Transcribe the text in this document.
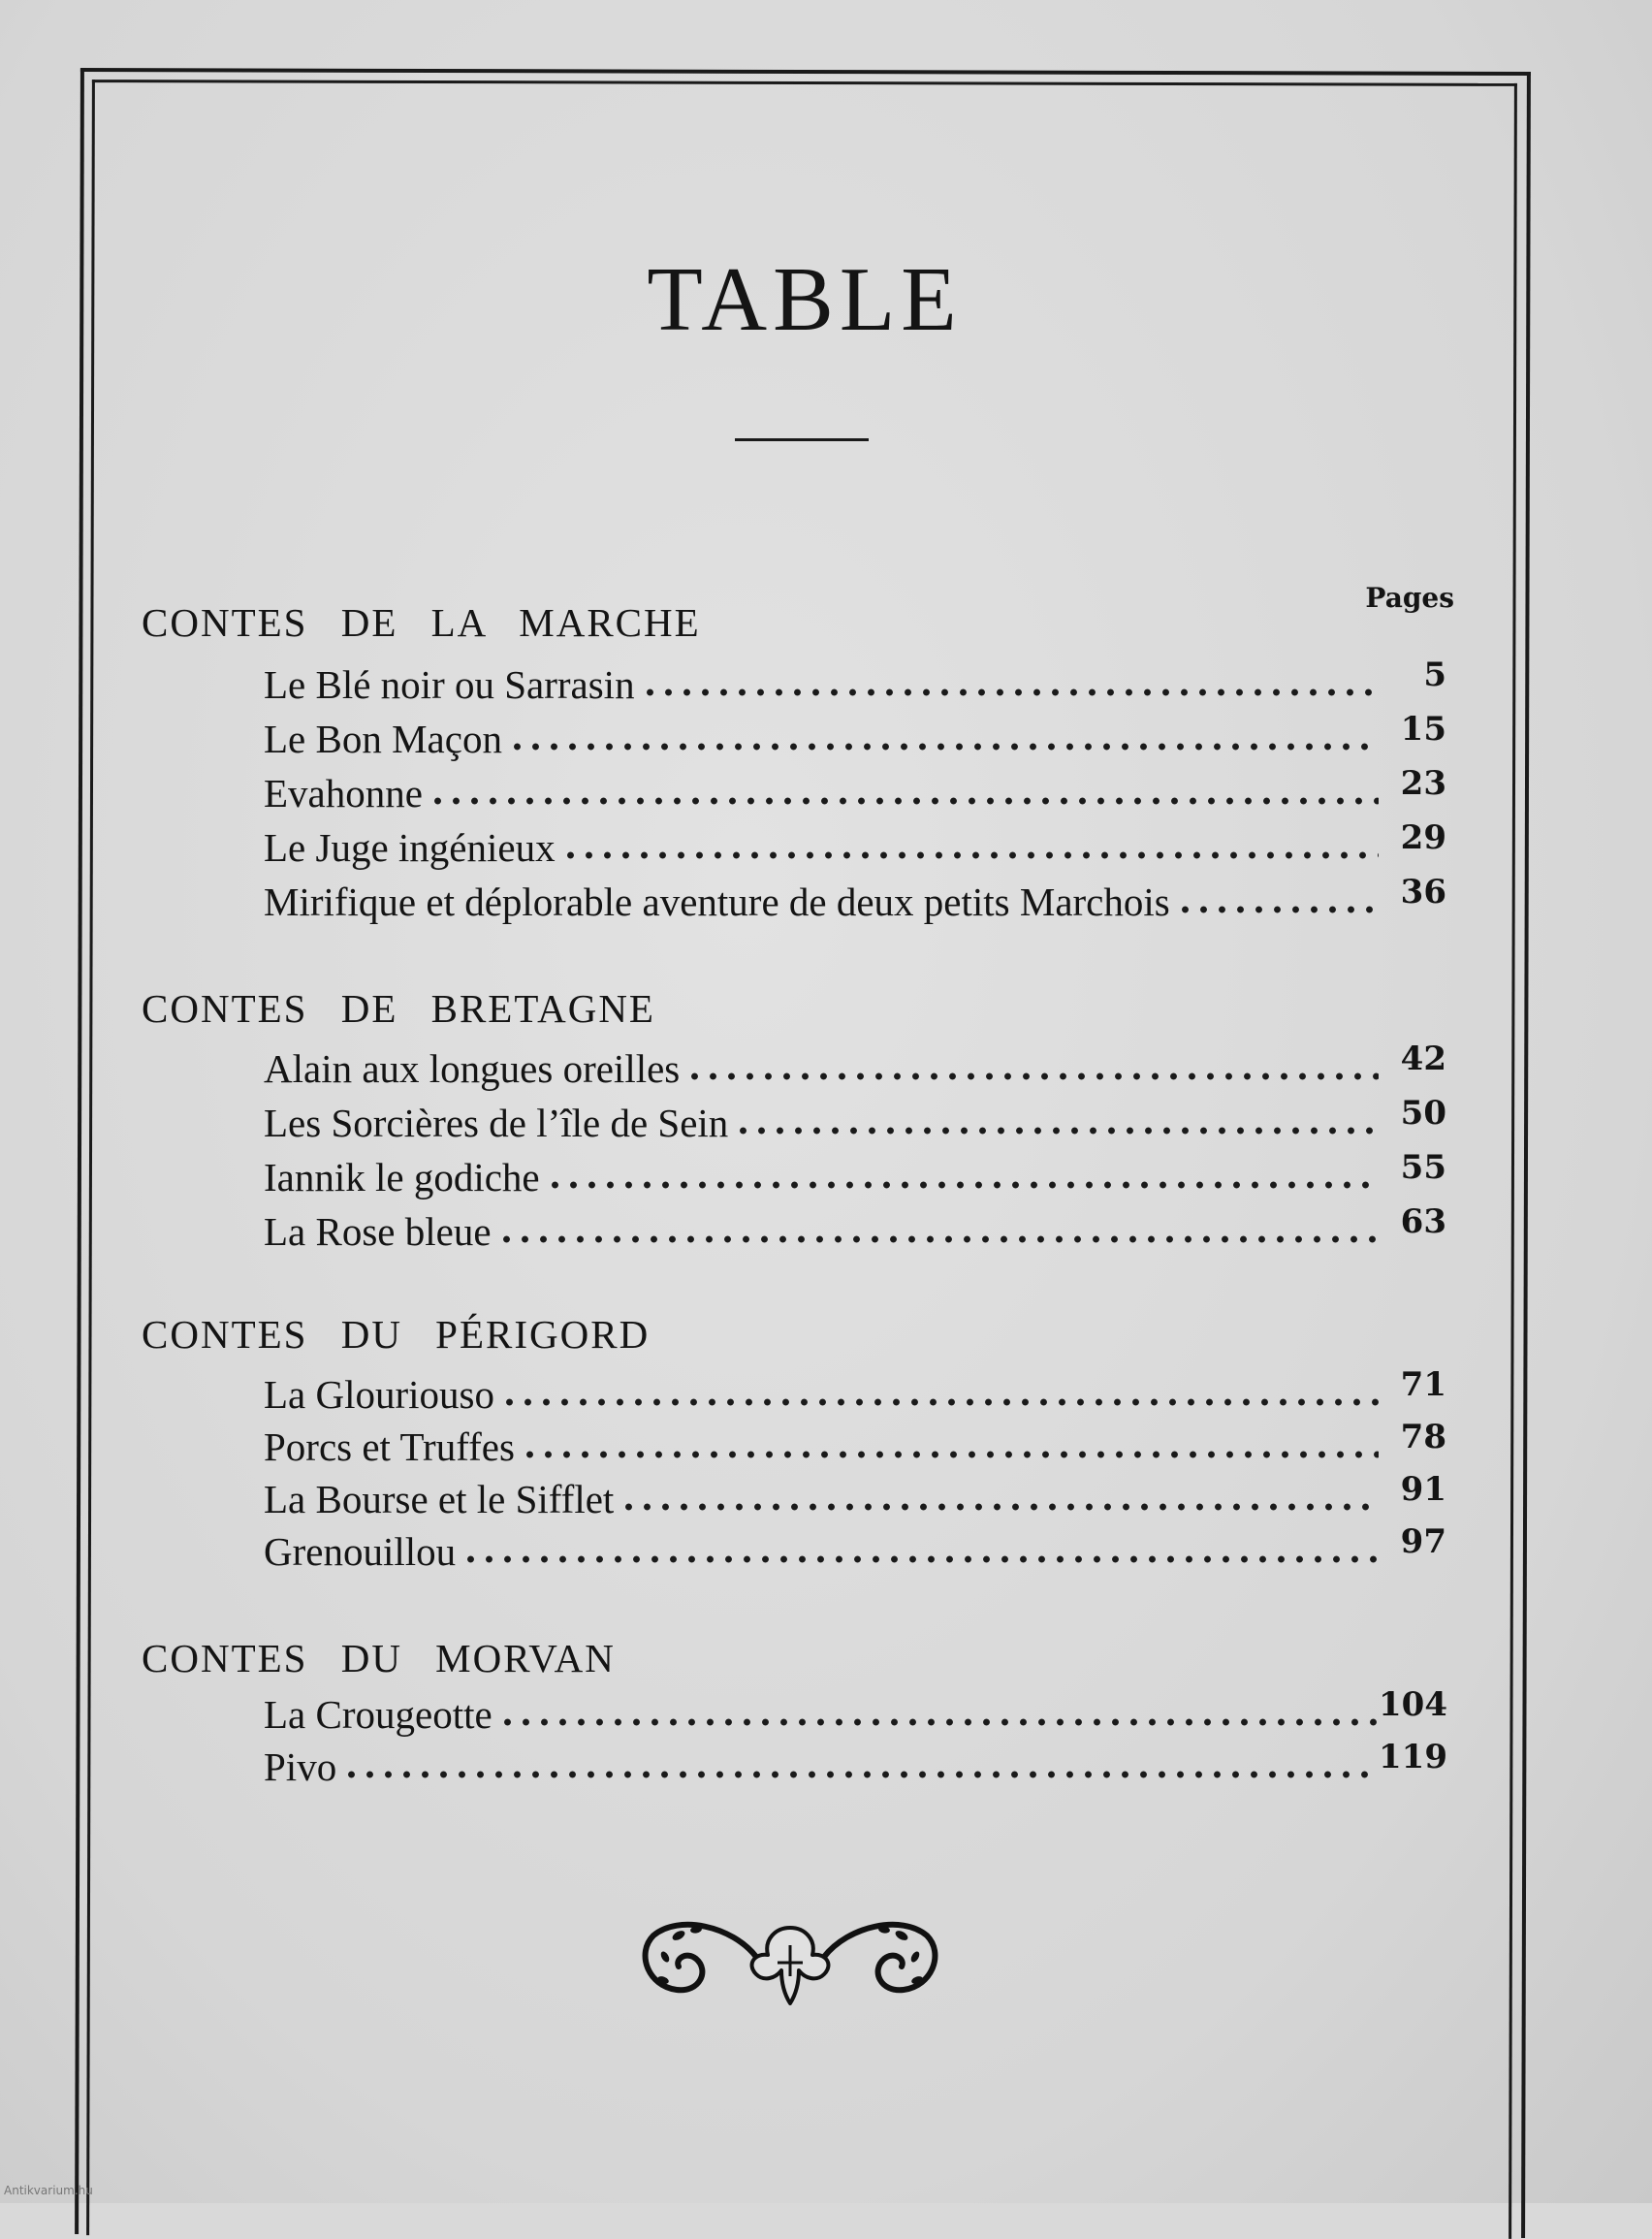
TABLE
Pages
CONTES DE LA MARCHE
Le Blé noir ou Sarrasin	5
Le Bon Maçon	15
Evahonne	23
Le Juge ingénieux	29
Mirifique et déplorable aventure de deux petits Marchois	36
CONTES DE BRETAGNE
Alain aux longues oreilles	42
Les Sorcières de l’île de Sein	50
Iannik le godiche	55
La Rose bleue	63
CONTES DU PÉRIGORD
La Glouriouso	71
Porcs et Truffes	78
La Bourse et le Sifflet	91
Grenouillou	97
CONTES DU MORVAN
La Crougeotte	104
Pivo	119
Antikvarium.hu
